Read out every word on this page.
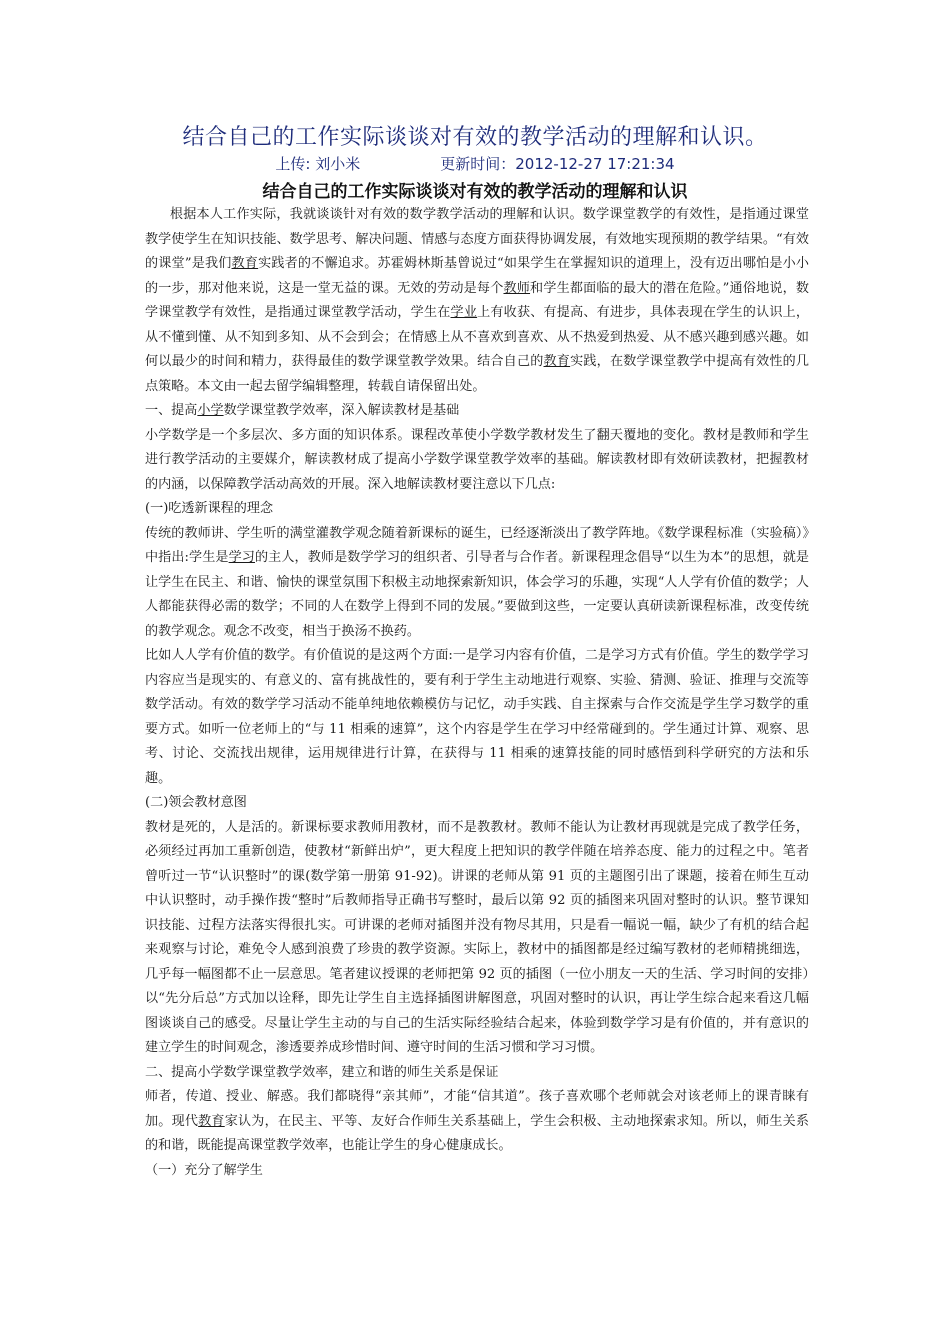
结合自己的工作实际谈谈对有效的教学活动的理解和认识。
上传: 刘小米	更新时间：2012-12-27 17:21:34
结合自己的工作实际谈谈对有效的教学活动的理解和认识

根据本人工作实际，我就谈谈针对有效的数学教学活动的理解和认识。数学课堂教学的有效性，是指通过课堂教学使学生在知识技能、数学思考、解决问题、情感与态度方面获得协调发展，有效地实现预期的教学结果。“有效的课堂”是我们教育实践者的不懈追求。苏霍姆林斯基曾说过“如果学生在掌握知识的道理上，没有迈出哪怕是小小的一步，那对他来说，这是一堂无益的课。无效的劳动是每个教师和学生都面临的最大的潜在危险。”通俗地说，数学课堂教学有效性，是指通过课堂教学活动，学生在学业上有收获、有提高、有进步，具体表现在学生的认识上，从不懂到懂、从不知到多知、从不会到会；在情感上从不喜欢到喜欢、从不热爱到热爱、从不感兴趣到感兴趣。如何以最少的时间和精力，获得最佳的数学课堂教学效果。结合自己的教育实践，在数学课堂教学中提高有效性的几点策略。本文由一起去留学编辑整理，转载自请保留出处。

一、提高小学数学课堂教学效率，深入解读教材是基础

小学数学是一个多层次、多方面的知识体系。课程改革使小学数学教材发生了翻天覆地的变化。教材是教师和学生进行教学活动的主要媒介，解读教材成了提高小学数学课堂教学效率的基础。解读教材即有效研读教材，把握教材的内涵，以保障教学活动高效的开展。深入地解读教材要注意以下几点:

(一)吃透新课程的理念

传统的教师讲、学生听的满堂灌教学观念随着新课标的诞生，已经逐渐淡出了教学阵地。《数学课程标准（实验稿）》中指出:学生是学习的主人，教师是数学学习的组织者、引导者与合作者。新课程理念倡导“以生为本”的思想，就是让学生在民主、和谐、愉快的课堂氛围下积极主动地探索新知识，体会学习的乐趣，实现“人人学有价值的数学；人人都能获得必需的数学；不同的人在数学上得到不同的发展。”要做到这些，一定要认真研读新课程标准，改变传统的教学观念。观念不改变，相当于换汤不换药。

比如人人学有价值的数学。有价值说的是这两个方面:一是学习内容有价值，二是学习方式有价值。学生的数学学习内容应当是现实的、有意义的、富有挑战性的，要有利于学生主动地进行观察、实验、猜测、验证、推理与交流等数学活动。有效的数学学习活动不能单纯地依赖模仿与记忆，动手实践、自主探索与合作交流是学生学习数学的重要方式。如听一位老师上的“与 11 相乘的速算”，这个内容是学生在学习中经常碰到的。学生通过计算、观察、思考、讨论、交流找出规律，运用规律进行计算，在获得与 11 相乘的速算技能的同时感悟到科学研究的方法和乐趣。

(二)领会教材意图

教材是死的，人是活的。新课标要求教师用教材，而不是教教材。教师不能认为让教材再现就是完成了教学任务，必须经过再加工重新创造，使教材“新鲜出炉”，更大程度上把知识的教学伴随在培养态度、能力的过程之中。笔者曾听过一节“认识整时”的课(数学第一册第 91-92)。讲课的老师从第 91 页的主题图引出了课题，接着在师生互动中认识整时，动手操作拨“整时”后教师指导正确书写整时，最后以第 92 页的插图来巩固对整时的认识。整节课知识技能、过程方法落实得很扎实。可讲课的老师对插图并没有物尽其用，只是看一幅说一幅，缺少了有机的结合起来观察与讨论，难免令人感到浪费了珍贵的教学资源。实际上，教材中的插图都是经过编写教材的老师精挑细选，几乎每一幅图都不止一层意思。笔者建议授课的老师把第 92 页的插图（一位小朋友一天的生活、学习时间的安排）以“先分后总”方式加以诠释，即先让学生自主选择插图讲解图意，巩固对整时的认识，再让学生综合起来看这几幅图谈谈自己的感受。尽量让学生主动的与自己的生活实际经验结合起来，体验到数学学习是有价值的，并有意识的建立学生的时间观念，渗透要养成珍惜时间、遵守时间的生活习惯和学习习惯。

二、提高小学数学课堂教学效率，建立和谐的师生关系是保证

师者，传道、授业、解惑。我们都晓得“亲其师”，才能“信其道”。孩子喜欢哪个老师就会对该老师上的课青睐有加。现代教育家认为，在民主、平等、友好合作师生关系基础上，学生会积极、主动地探索求知。所以，师生关系的和谐，既能提高课堂教学效率，也能让学生的身心健康成长。

（一）充分了解学生
